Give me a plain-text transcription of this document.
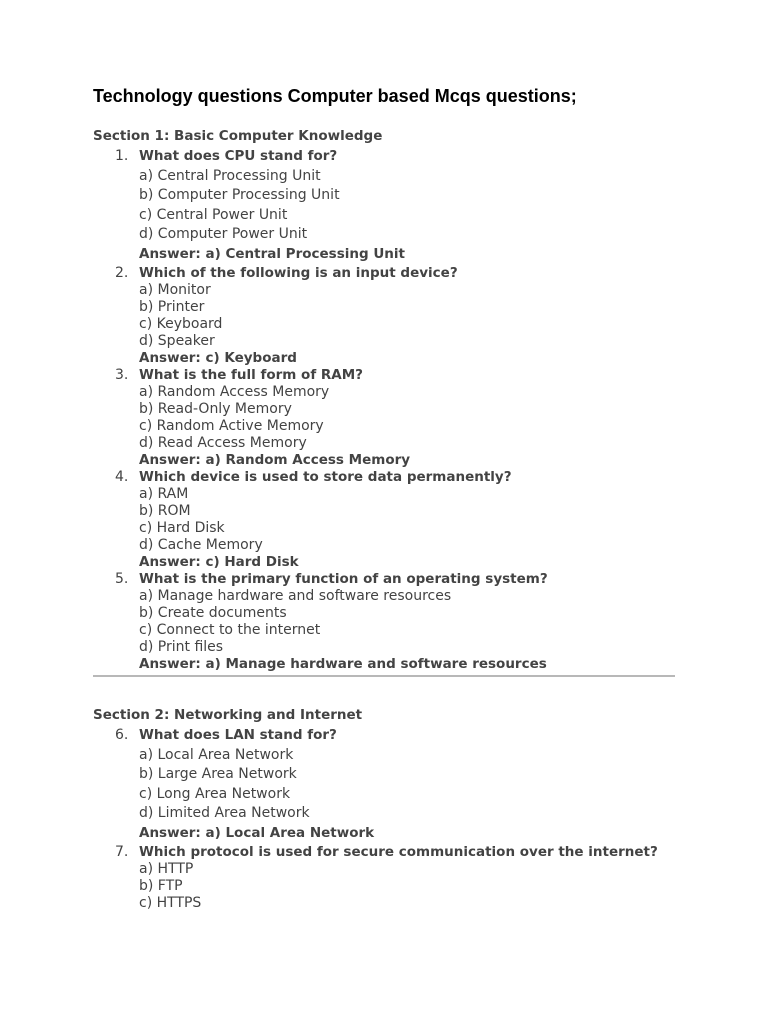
Technology questions Computer based Mcqs questions;
Section 1: Basic Computer Knowledge
1. What does CPU stand for?
a) Central Processing Unit
b) Computer Processing Unit
c) Central Power Unit
d) Computer Power Unit
Answer: a) Central Processing Unit
2. Which of the following is an input device?
a) Monitor
b) Printer
c) Keyboard
d) Speaker
Answer: c) Keyboard
3. What is the full form of RAM?
a) Random Access Memory
b) Read-Only Memory
c) Random Active Memory
d) Read Access Memory
Answer: a) Random Access Memory
4. Which device is used to store data permanently?
a) RAM
b) ROM
c) Hard Disk
d) Cache Memory
Answer: c) Hard Disk
5. What is the primary function of an operating system?
a) Manage hardware and software resources
b) Create documents
c) Connect to the internet
d) Print files
Answer: a) Manage hardware and software resources
Section 2: Networking and Internet
6. What does LAN stand for?
a) Local Area Network
b) Large Area Network
c) Long Area Network
d) Limited Area Network
Answer: a) Local Area Network
7. Which protocol is used for secure communication over the internet?
a) HTTP
b) FTP
c) HTTPS
